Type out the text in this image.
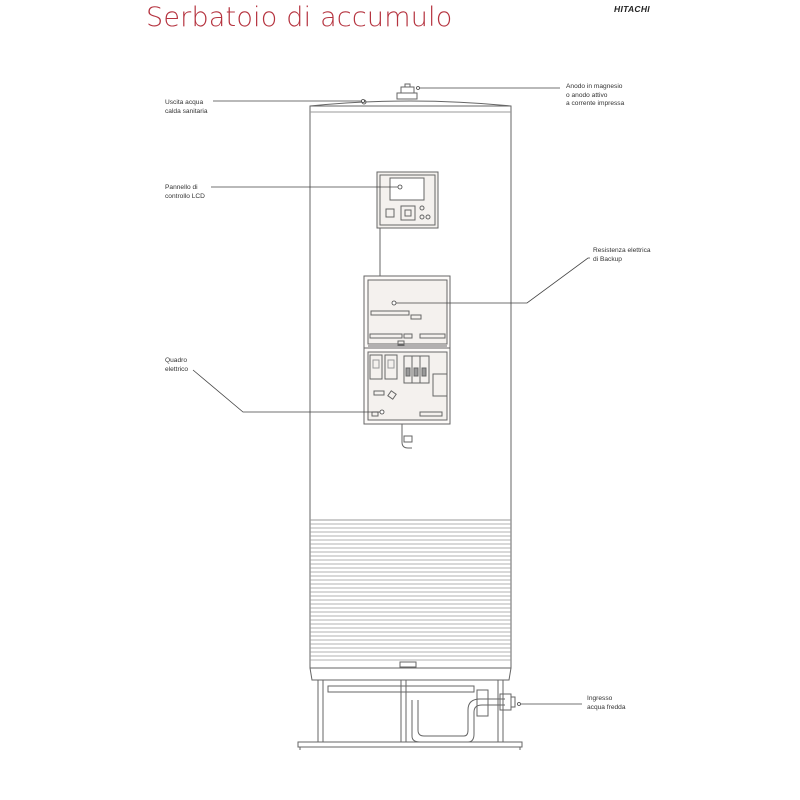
Serbatoio di accumulo	HITACHI
Uscita acqua
calda sanitaria
Anodo in magnesio
o anodo attivo
a corrente impressa
Pannello di
controllo LCD
Resistenza elettrica
di Backup
Quadro
elettrico
Ingresso
acqua fredda
